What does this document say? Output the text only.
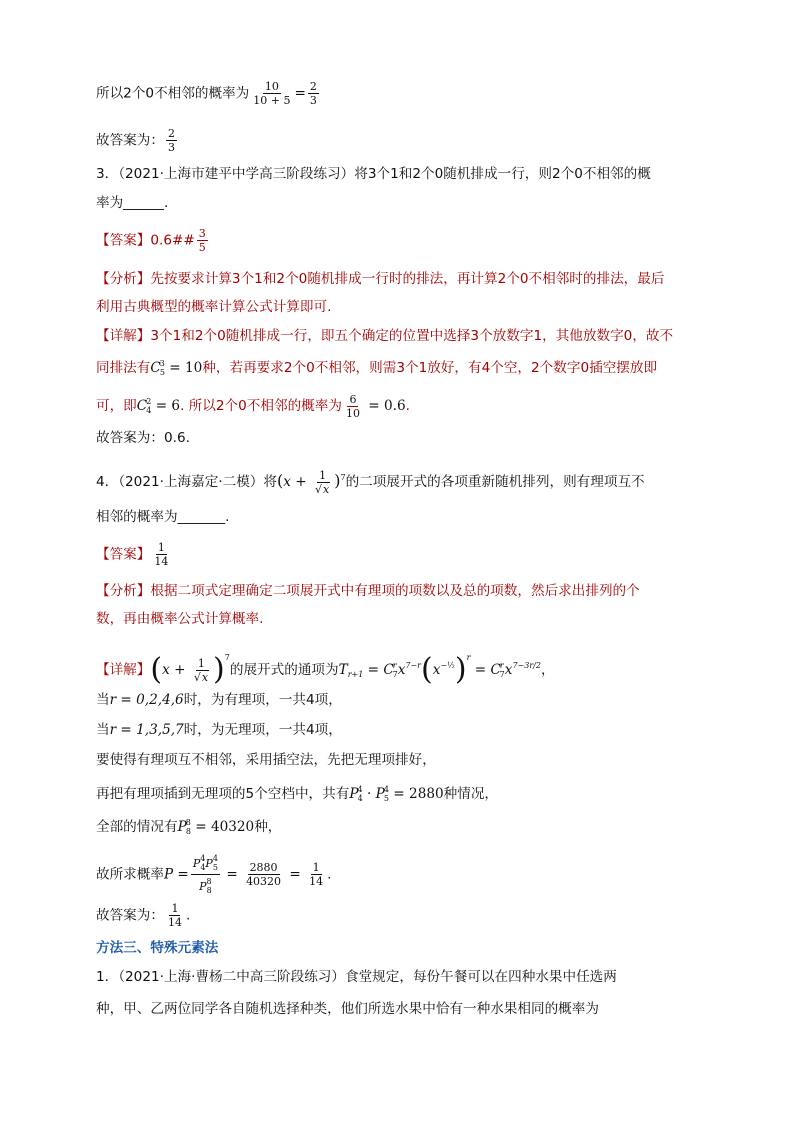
所以2个0不相邻的概率为 $\frac{10}{10 + 5} = \frac{2}{3}$
故答案为： $\frac{2}{3}$
3．（2021·上海市建平中学高三阶段练习）将3个1和2个0随机排成一行，则2个0不相邻的概
率为______.
【答案】0.6## $\frac{3}{5}$
【分析】先按要求计算3个1和2个0随机排成一行时的排法，再计算2个0不相邻时的排法，最后
利用古典概型的概率计算公式计算即可.
【详解】3个1和2个0随机排成一行，即五个确定的位置中选择3个放数字1，其他放数字0，故不
同排法有$C^3_5 = 10$种，若再要求2个0不相邻，则需3个1放好，有4个空，2个数字0插空摆放即
可，即$C^2_4 = 6$. 所以2个0不相邻的概率为 $\frac{6}{10} = 0.6$.
故答案为：0.6.
4．（2021·上海嘉定·二模）将$(x + \frac{1}{√x} )^7$的二项展开式的各项重新随机排列，则有理项互不
相邻的概率为_______.
【答案】 $\frac{1}{14}$
【分析】根据二项式定理确定二项展开式中有理项的项数以及总的项数，然后求出排列的个
数，再由概率公式计算概率.
【详解】$(x + \frac{1}{√x} )^7$的展开式的通项为$T_{r+1} = C^r_7x^{7-r}(x^{-\frac{1}{2}})^r = C^r_7x^{7-3r/2}$，
当r = 0,2,4,6时，为有理项，一共4项，
当r = 1,3,5,7时，为无理项，一共4项，
要使得有理项互不相邻，采用插空法，先把无理项排好，
再把有理项插到无理项的5个空档中，共有$P^4_4 \cdot P^4_5 = 2880$种情况，
全部的情况有$P^8_8 = 40320$种，
故所求概率$P = \frac{P^4_4P^4_5}{P^8_8} = \frac{2880}{40320} = \frac{1}{14}$ .
故答案为： $\frac{1}{14}$ .
方法三、特殊元素法
1．（2021·上海·曹杨二中高三阶段练习）食堂规定，每份午餐可以在四种水果中任选两
种，甲、乙两位同学各自随机选择种类，他们所选水果中恰有一种水果相同的概率为
